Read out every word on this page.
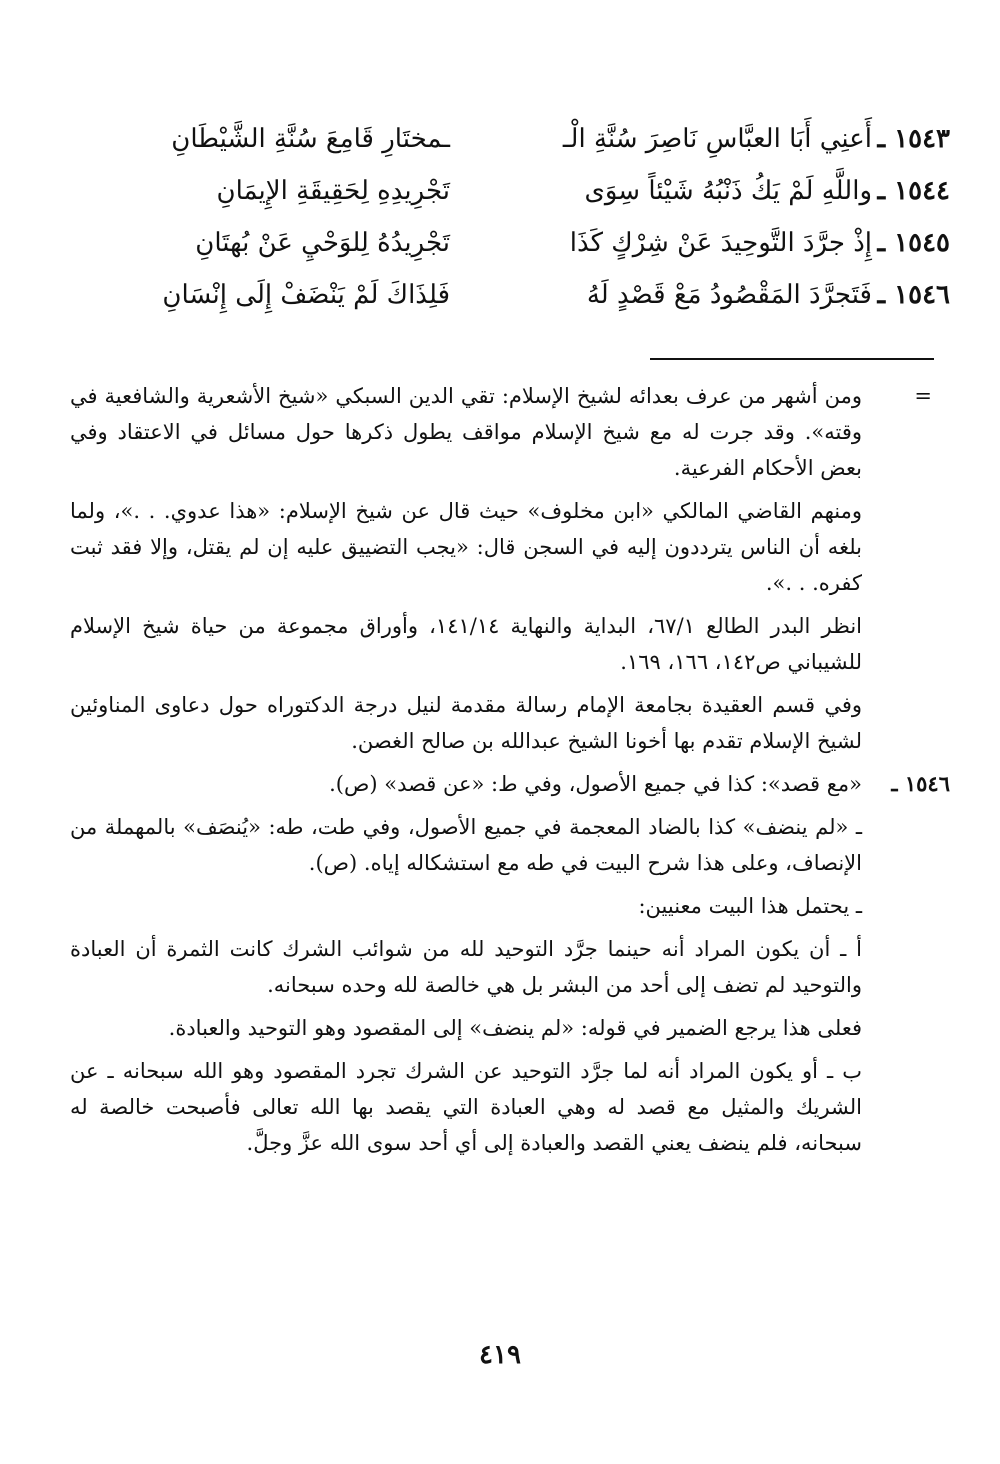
١٥٤٣ ـ
أَعنِي أَبَا العبَّاسِ نَاصِرَ سُنَّةِ الْـ
ـمختَارِ قَامِعَ سُنَّةِ الشَّيْطَانِ
١٥٤٤ ـ
واللَّهِ لَمْ يَكُ ذَنْبُهُ شَيْئاً سِوَى
تَجْرِيدِهِ لِحَقِيقَةِ الإِيمَانِ
١٥٤٥ ـ
إِذْ جرَّدَ التَّوحِيدَ عَنْ شِرْكٍ كَذَا
تَجْرِيدُهُ لِلوَحْيِ عَنْ بُهتَانِ
١٥٤٦ ـ
فَتَجرَّدَ المَقْصُودُ مَعْ قَصْدٍ لَهُ
فَلِذَاكَ لَمْ يَنْضَفْ إِلَى إِنْسَانِ
=
ومن أشهر من عرف بعدائه لشيخ الإسلام: تقي الدين السبكي «شيخ الأشعرية والشافعية في وقته». وقد جرت له مع شيخ الإسلام مواقف يطول ذكرها حول مسائل في الاعتقاد وفي بعض الأحكام الفرعية.
ومنهم القاضي المالكي «ابن مخلوف» حيث قال عن شيخ الإسلام: «هذا عدوي. . .»، ولما بلغه أن الناس يترددون إليه في السجن قال: «يجب التضييق عليه إن لم يقتل، وإلا فقد ثبت كفره. . .».
انظر البدر الطالع ٦٧/١، البداية والنهاية ١٤١/١٤، وأوراق مجموعة من حياة شيخ الإسلام للشيباني ص١٤٢، ١٦٦، ١٦٩.
وفي قسم العقيدة بجامعة الإمام رسالة مقدمة لنيل درجة الدكتوراه حول دعاوى المناوئين لشيخ الإسلام تقدم بها أخونا الشيخ عبدالله بن صالح الغصن.
١٥٤٦ ـ
«مع قصد»: كذا في جميع الأصول، وفي ط: «عن قصد» (ص).
ـ «لم ينضف» كذا بالضاد المعجمة في جميع الأصول، وفي طت، طه: «يُنصَف» بالمهملة من الإنصاف، وعلى هذا شرح البيت في طه مع استشكاله إياه. (ص).
ـ يحتمل هذا البيت معنيين:
أ ـ أن يكون المراد أنه حينما جرَّد التوحيد لله من شوائب الشرك كانت الثمرة أن العبادة والتوحيد لم تضف إلى أحد من البشر بل هي خالصة لله وحده سبحانه.
فعلى هذا يرجع الضمير في قوله: «لم ينضف» إلى المقصود وهو التوحيد والعبادة.
ب ـ أو يكون المراد أنه لما جرَّد التوحيد عن الشرك تجرد المقصود وهو الله سبحانه ـ عن الشريك والمثيل مع قصد له وهي العبادة التي يقصد بها الله تعالى فأصبحت خالصة له سبحانه، فلم ينضف يعني القصد والعبادة إلى أي أحد سوى الله عزَّ وجلَّ.
٤١٩
